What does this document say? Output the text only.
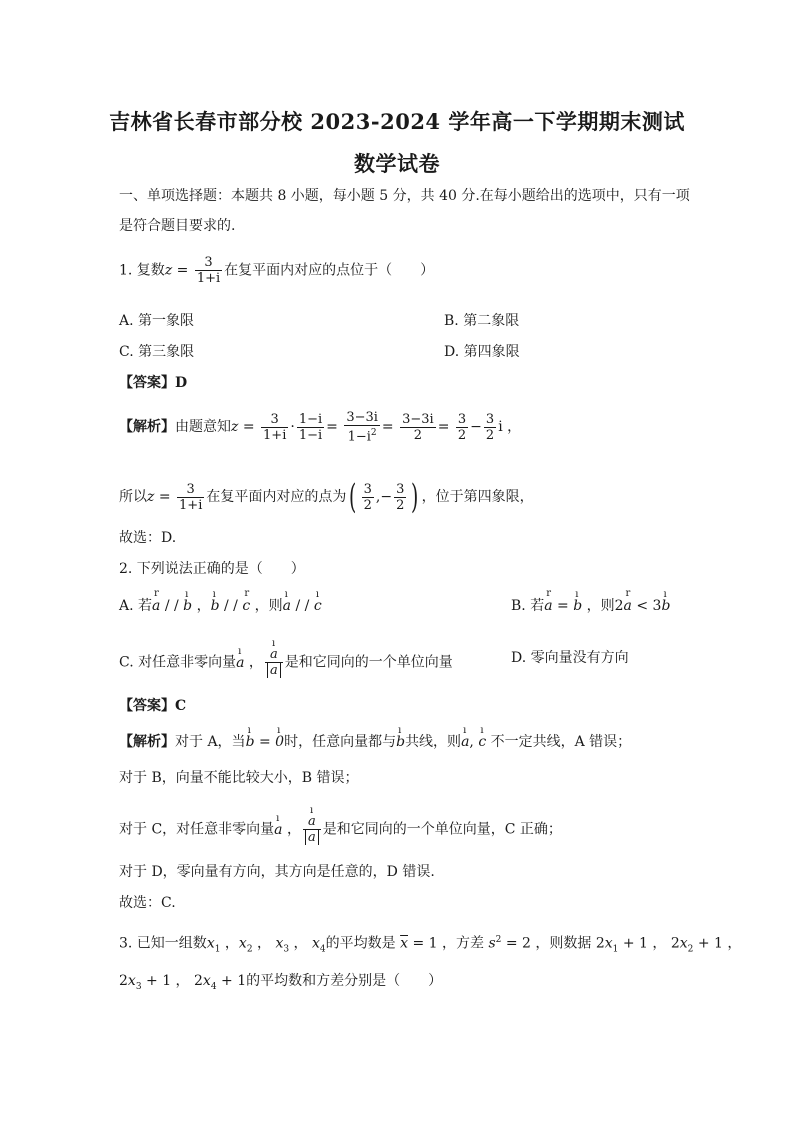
吉林省长春市部分校 2023-2024 学年高一下学期期末测试
数学试卷
一、单项选择题：本题共 8 小题，每小题 5 分，共 40 分.在每小题给出的选项中，只有一项
是符合题目要求的.
1. 复数$z = \frac{3}{1+i}$ 在复平面内对应的点位于（　　）
A. 第一象限	B. 第二象限
C. 第三象限	D. 第四象限
【答案】D
【解析】由题意知$z = \frac{3}{1+i} \cdot \frac{1-i}{1-i} = \frac{3-3i}{1-i^2} = \frac{3-3i}{2} = \frac{3}{2} - \frac{3}{2}$ i ，
所以$z = \frac{3}{1+i}$ 在复平面内对应的点为( $\frac{3}{2}$ ,− $\frac{3}{2}$ ) ，位于第四象限，
故选：D.
2. 下列说法正确的是（　　）
A. 若r a / / ı b ，ı b / / r c ，则ı a / / ı c	B. 若r a = ı b ，则2r a < 3ı b
C. 对任意非零向量ı a ， ı $\frac{a}{a}$ 是和它同向的一个单位向量	D. 零向量没有方向
【答案】C
【解析】对于 A，当ı b = ı 0时，任意向量都与ı b共线，则ı a, ı c 不一定共线，A 错误；
对于 B，向量不能比较大小，B 错误；
对于 C，对任意非零向量ı a ， ı $\frac{a}{a}$ 是和它同向的一个单位向量，C 正确；
对于 D，零向量有方向，其方向是任意的，D 错误.
故选：C.
3. 已知一组数$x_1$ ，$x_2$ ， $x_3$ ， $x_4$的平均数是 $\overline{x} = 1$ ，方差 $s^2 = 2$ ，则数据 $2x_1 + 1$ ， $2x_2 + 1$ ，
$2x_3 + 1$ ， $2x_4 + 1$的平均数和方差分别是（　　）
